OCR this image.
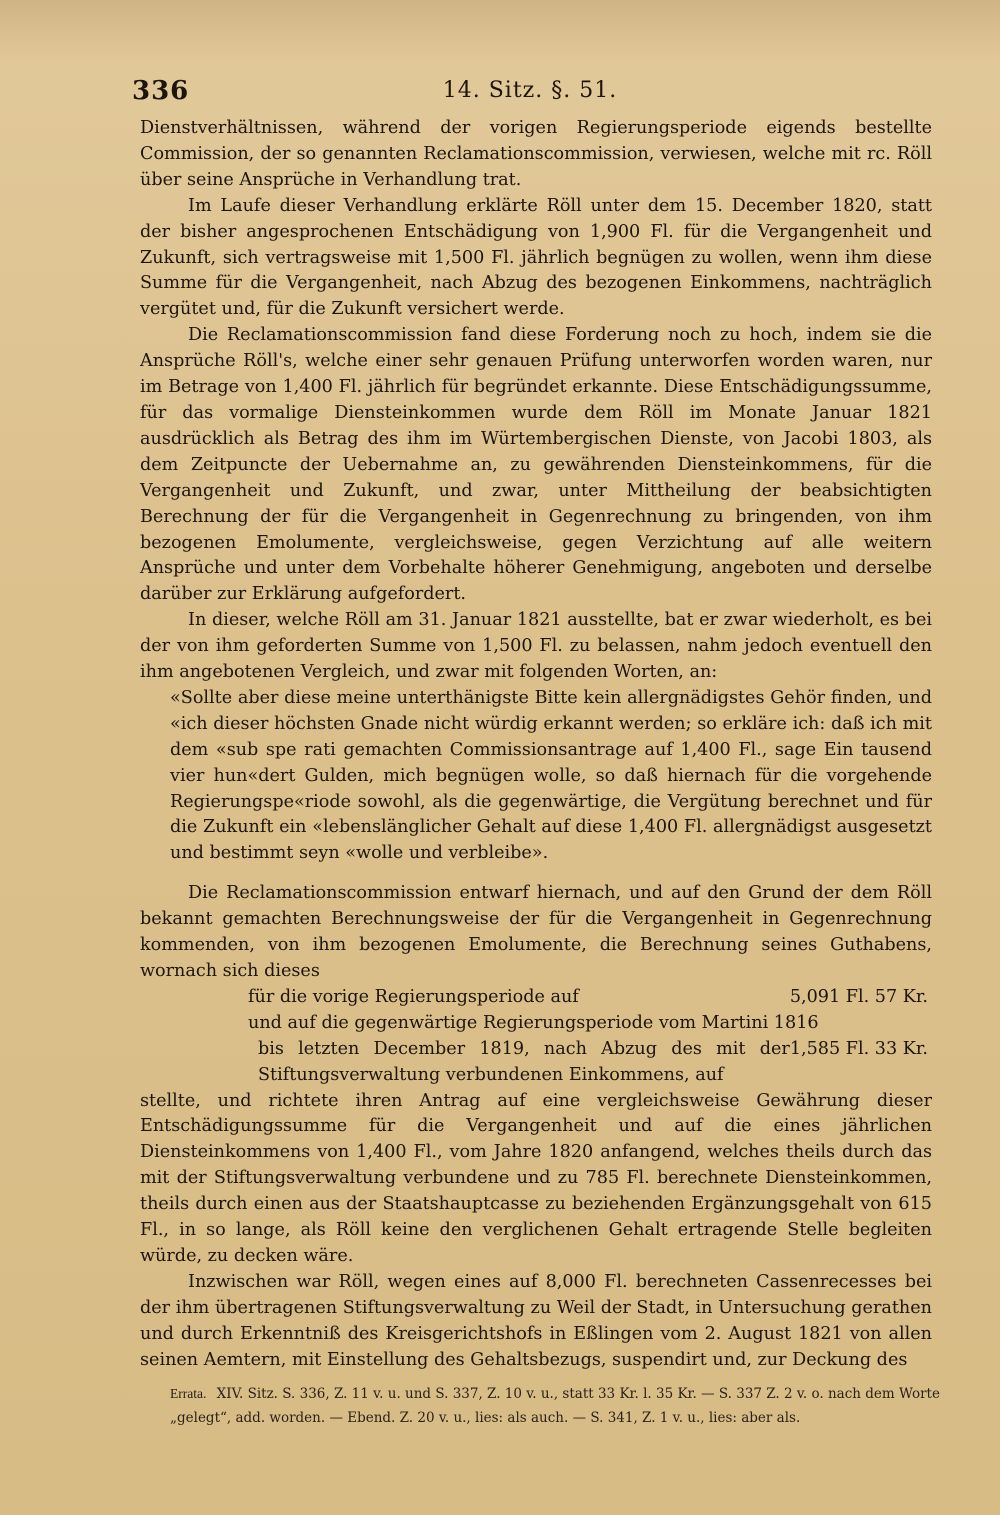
336	14. Sitz. §. 51.

Dienstverhältnissen, während der vorigen Regierungsperiode eigends bestellte Commission, der so genannten Reclamationscommission, verwiesen, welche mit rc. Röll über seine Ansprüche in Verhandlung trat.

Im Laufe dieser Verhandlung erklärte Röll unter dem 15. December 1820, statt der bisher angesprochenen Entschädigung von 1,900 Fl. für die Vergangenheit und Zukunft, sich vertragsweise mit 1,500 Fl. jährlich begnügen zu wollen, wenn ihm diese Summe für die Vergangenheit, nach Abzug des bezogenen Einkommens, nachträglich vergütet und, für die Zukunft versichert werde.

Die Reclamationscommission fand diese Forderung noch zu hoch, indem sie die Ansprüche Röll's, welche einer sehr genauen Prüfung unterworfen worden waren, nur im Betrage von 1,400 Fl. jährlich für begründet erkannte. Diese Entschädigungssumme, für das vormalige Diensteinkommen wurde dem Röll im Monate Januar 1821 ausdrücklich als Betrag des ihm im Würtembergischen Dienste, von Jacobi 1803, als dem Zeitpuncte der Uebernahme an, zu gewährenden Diensteinkommens, für die Vergangenheit und Zukunft, und zwar, unter Mittheilung der beabsichtigten Berechnung der für die Vergangenheit in Gegenrechnung zu bringenden, von ihm bezogenen Emolumente, vergleichsweise, gegen Verzichtung auf alle weitern Ansprüche und unter dem Vorbehalte höherer Genehmigung, angeboten und derselbe darüber zur Erklärung aufgefordert.

In dieser, welche Röll am 31. Januar 1821 ausstellte, bat er zwar wiederholt, es bei der von ihm geforderten Summe von 1,500 Fl. zu belassen, nahm jedoch eventuell den ihm angebotenen Vergleich, und zwar mit folgenden Worten, an:

«Sollte aber diese meine unterthänigste Bitte kein allergnädigstes Gehör finden, und «ich dieser höchsten Gnade nicht würdig erkannt werden; so erkläre ich: daß ich mit dem «sub spe rati gemachten Commissionsantrage auf 1,400 Fl., sage Ein tausend vier hun«dert Gulden, mich begnügen wolle, so daß hiernach für die vorgehende Regierungspe«riode sowohl, als die gegenwärtige, die Vergütung berechnet und für die Zukunft ein «lebenslänglicher Gehalt auf diese 1,400 Fl. allergnädigst ausgesetzt und bestimmt seyn «wolle und verbleibe».

Die Reclamationscommission entwarf hiernach, und auf den Grund der dem Röll bekannt gemachten Berechnungsweise der für die Vergangenheit in Gegenrechnung kommenden, von ihm bezogenen Emolumente, die Berechnung seines Guthabens, wornach sich dieses

für die vorige Regierungsperiode auf	5,091 Fl. 57 Kr.
und auf die gegenwärtige Regierungsperiode vom Martini 1816
bis letzten December 1819, nach Abzug des mit der Stiftungsverwaltung verbundenen Einkommens, auf
1,585 Fl. 33 Kr.

stellte, und richtete ihren Antrag auf eine vergleichsweise Gewährung dieser Entschädigungssumme für die Vergangenheit und auf die eines jährlichen Diensteinkommens von 1,400 Fl., vom Jahre 1820 anfangend, welches theils durch das mit der Stiftungsverwaltung verbundene und zu 785 Fl. berechnete Diensteinkommen, theils durch einen aus der Staatshauptcasse zu beziehenden Ergänzungsgehalt von 615 Fl., in so lange, als Röll keine den verglichenen Gehalt ertragende Stelle begleiten würde, zu decken wäre.

Inzwischen war Röll, wegen eines auf 8,000 Fl. berechneten Cassenrecesses bei der ihm übertragenen Stiftungsverwaltung zu Weil der Stadt, in Untersuchung gerathen und durch Erkenntniß des Kreisgerichtshofs in Eßlingen vom 2. August 1821 von allen seinen Aemtern, mit Einstellung des Gehaltsbezugs, suspendirt und, zur Deckung des

Errata. XIV. Sitz. S. 336, Z. 11 v. u. und S. 337, Z. 10 v. u., statt 33 Kr. l. 35 Kr. — S. 337 Z. 2 v. o. nach dem Worte „gelegt“, add. worden. — Ebend. Z. 20 v. u., lies: als auch. — S. 341, Z. 1 v. u., lies: aber als.
